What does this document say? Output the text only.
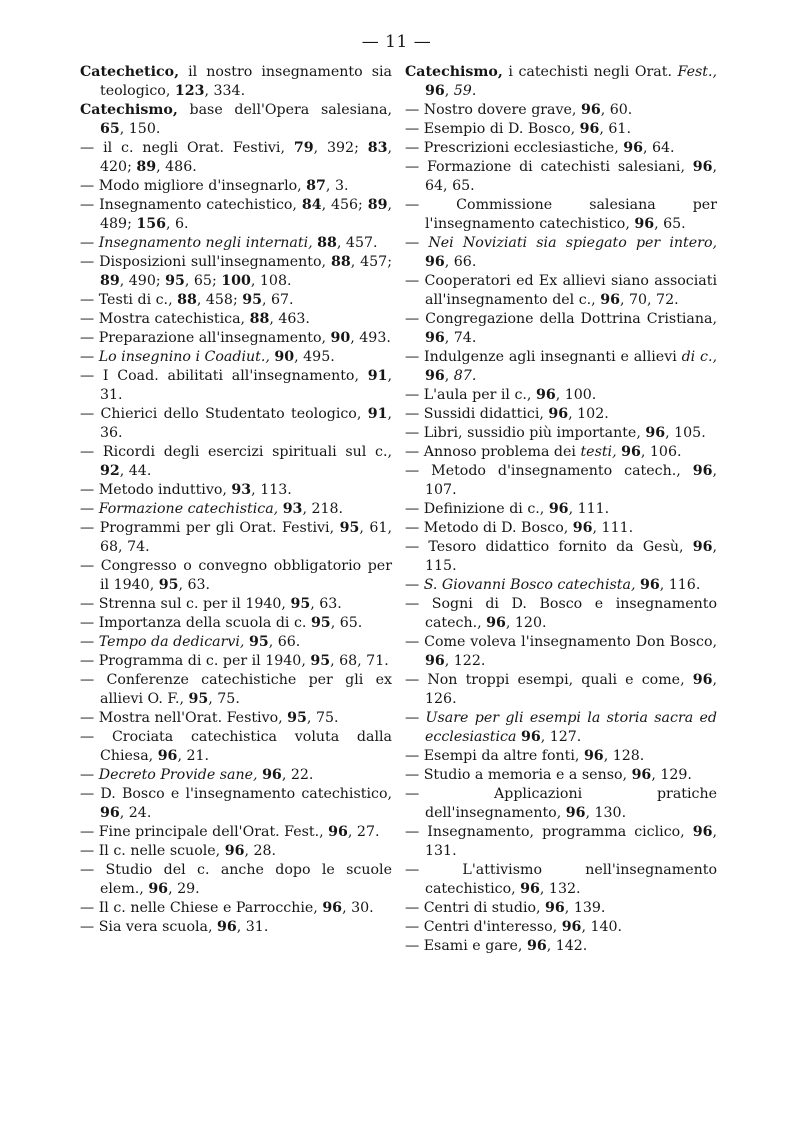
— 11 —
Catechetico, il nostro insegnamento sia teologico, 123, 334.
Catechismo, base dell'Opera salesiana, 65, 150.
— il c. negli Orat. Festivi, 79, 392; 83, 420; 89, 486.
— Modo migliore d'insegnarlo, 87, 3.
— Insegnamento catechistico, 84, 456; 89, 489; 156, 6.
— Insegnamento negli internati, 88, 457.
— Disposizioni sull'insegnamento, 88, 457; 89, 490; 95, 65; 100, 108.
— Testi di c., 88, 458; 95, 67.
— Mostra catechistica, 88, 463.
— Preparazione all'insegnamento, 90, 493.
— Lo insegnino i Coadiut., 90, 495.
— I Coad. abilitati all'insegnamento, 91, 31.
— Chierici dello Studentato teologico, 91, 36.
— Ricordi degli esercizi spirituali sul c., 92, 44.
— Metodo induttivo, 93, 113.
— Formazione catechistica, 93, 218.
— Programmi per gli Orat. Festivi, 95, 61, 68, 74.
— Congresso o convegno obbligatorio per il 1940, 95, 63.
— Strenna sul c. per il 1940, 95, 63.
— Importanza della scuola di c. 95, 65.
— Tempo da dedicarvi, 95, 66.
— Programma di c. per il 1940, 95, 68, 71.
— Conferenze catechistiche per gli ex allievi O. F., 95, 75.
— Mostra nell'Orat. Festivo, 95, 75.
— Crociata catechistica voluta dalla Chiesa, 96, 21.
— Decreto Provide sane, 96, 22.
— D. Bosco e l'insegnamento catechistico, 96, 24.
— Fine principale dell'Orat. Fest., 96, 27.
— Il c. nelle scuole, 96, 28.
— Studio del c. anche dopo le scuole elem., 96, 29.
— Il c. nelle Chiese e Parrocchie, 96, 30.
— Sia vera scuola, 96, 31.
Catechismo, i catechisti negli Orat. Fest., 96, 59.
— Nostro dovere grave, 96, 60.
— Esempio di D. Bosco, 96, 61.
— Prescrizioni ecclesiastiche, 96, 64.
— Formazione di catechisti salesiani, 96, 64, 65.
— Commissione salesiana per l'insegnamento catechistico, 96, 65.
— Nei Noviziati sia spiegato per intero, 96, 66.
— Cooperatori ed Ex allievi siano associati all'insegnamento del c., 96, 70, 72.
— Congregazione della Dottrina Cristiana, 96, 74.
— Indulgenze agli insegnanti e allievi di c., 96, 87.
— L'aula per il c., 96, 100.
— Sussidi didattici, 96, 102.
— Libri, sussidio più importante, 96, 105.
— Annoso problema dei testi, 96, 106.
— Metodo d'insegnamento catech., 96, 107.
— Definizione di c., 96, 111.
— Metodo di D. Bosco, 96, 111.
— Tesoro didattico fornito da Gesù, 96, 115.
— S. Giovanni Bosco catechista, 96, 116.
— Sogni di D. Bosco e insegnamento catech., 96, 120.
— Come voleva l'insegnamento Don Bosco, 96, 122.
— Non troppi esempi, quali e come, 96, 126.
— Usare per gli esempi la storia sacra ed ecclesiastica 96, 127.
— Esempi da altre fonti, 96, 128.
— Studio a memoria e a senso, 96, 129.
— Applicazioni pratiche dell'insegnamento, 96, 130.
— Insegnamento, programma ciclico, 96, 131.
— L'attivismo nell'insegnamento catechistico, 96, 132.
— Centri di studio, 96, 139.
— Centri d'interesso, 96, 140.
— Esami e gare, 96, 142.
